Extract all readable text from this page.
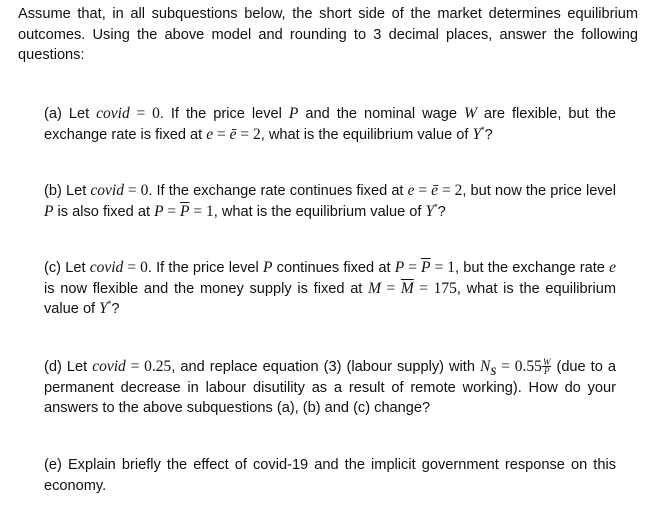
Assume that, in all subquestions below, the short side of the market determines equilibrium outcomes. Using the above model and rounding to 3 decimal places, answer the following questions:
(a) Let covid = 0. If the price level P and the nominal wage W are flexible, but the exchange rate is fixed at e = ē = 2, what is the equilibrium value of Y*?
(b) Let covid = 0. If the exchange rate continues fixed at e = ē = 2, but now the price level P is also fixed at $P = \overline{P} = 1$, what is the equilibrium value of Y*?
(c) Let covid = 0. If the price level P continues fixed at $P = \overline{P} = 1$, but the exchange rate e is now flexible and the money supply is fixed at $M = \overline{M} = 175$, what is the equilibrium value of Y*?
(d) Let covid = 0.25, and replace equation (3) (labour supply) with $N_s = 0.55 \frac{W}{P} (due$ to a permanent decrease in labour disutility as a result of remote working). How do your answers to the above subquestions (a), (b) and (c) change?
(e) Explain briefly the effect of covid-19 and the implicit government response on this economy.
